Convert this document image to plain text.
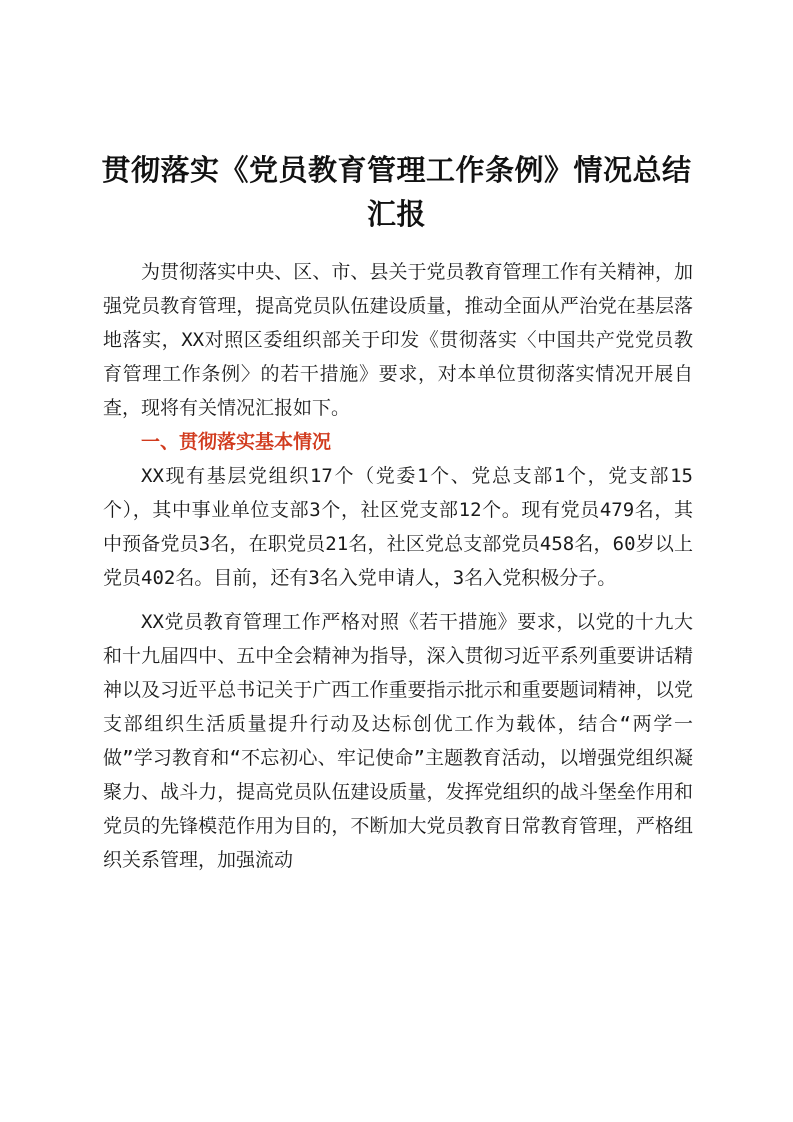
贯彻落实《党员教育管理工作条例》情况总结
汇报

为贯彻落实中央、区、市、县关于党员教育管理工作有关精神，加强党员教育管理，提高党员队伍建设质量，推动全面从严治党在基层落地落实，XX对照区委组织部关于印发《贯彻落实〈中国共产党党员教育管理工作条例〉的若干措施》要求，对本单位贯彻落实情况开展自查，现将有关情况汇报如下。

一、贯彻落实基本情况

XX现有基层党组织17个（党委1个、党总支部1个，党支部15个），其中事业单位支部3个，社区党支部12个。现有党员479名，其中预备党员3名，在职党员21名，社区党总支部党员458名，60岁以上党员402名。目前，还有3名入党申请人，3名入党积极分子。

XX党员教育管理工作严格对照《若干措施》要求，以党的十九大和十九届四中、五中全会精神为指导，深入贯彻习近平系列重要讲话精神以及习近平总书记关于广西工作重要指示批示和重要题词精神，以党支部组织生活质量提升行动及达标创优工作为载体，结合“两学一做”学习教育和“不忘初心、牢记使命”主题教育活动，以增强党组织凝聚力、战斗力，提高党员队伍建设质量，发挥党组织的战斗堡垒作用和党员的先锋模范作用为目的，不断加大党员教育日常教育管理，严格组织关系管理，加强流动
